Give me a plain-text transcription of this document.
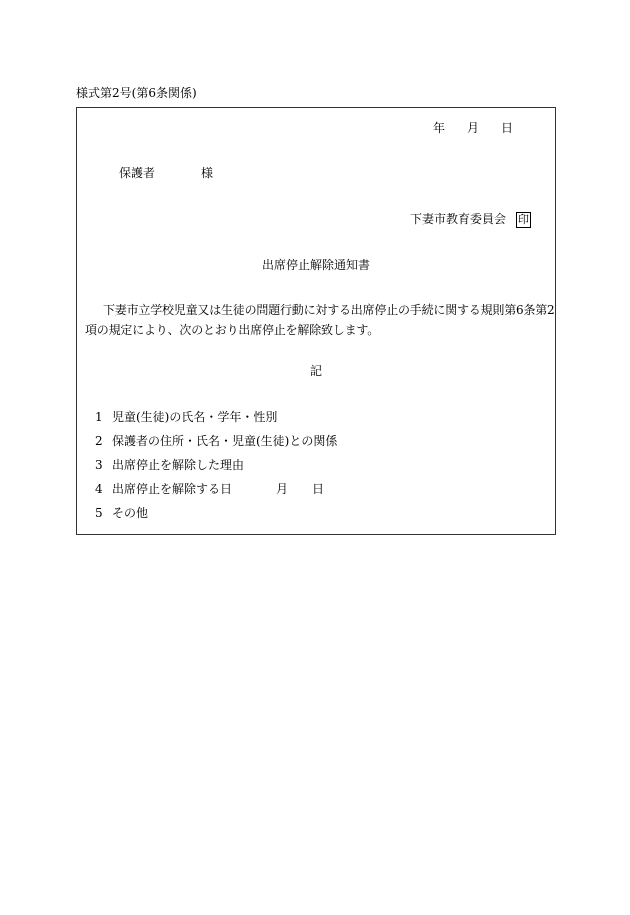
様式第2号(第6条関係)
年 月 日
保護者	様
下妻市教育委員会 印
出席停止解除通知書
下妻市立学校児童又は生徒の問題行動に対する出席停止の手続に関する規則第6条第2項の規定により、次のとおり出席停止を解除致します。
記
1 児童(生徒)の氏名・学年・性別
2 保護者の住所・氏名・児童(生徒)との関係
3 出席停止を解除した理由
4 出席停止を解除する日	月 日
5 その他
